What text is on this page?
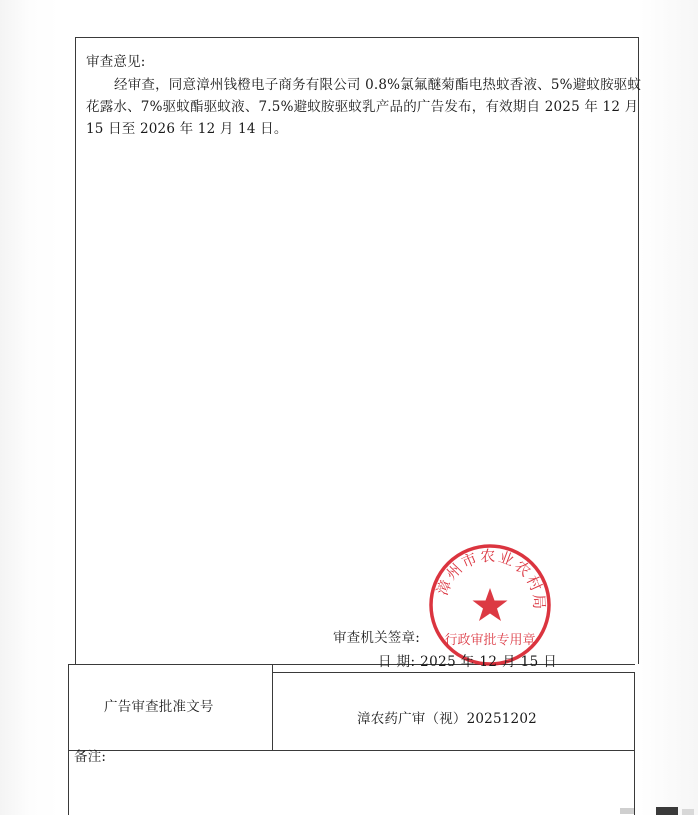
审查意见:
经审查，同意漳州钱橙电子商务有限公司 0.8%氯氟醚菊酯电热蚊香液、5%避蚊胺驱蚊花露水、7%驱蚊酯驱蚊液、7.5%避蚊胺驱蚊乳产品的广告发布，有效期自 2025 年 12 月 15 日至 2026 年 12 月 14 日。
漳州市农业农村局
行政审批专用章
审查机关签章:
日 期: 2025 年 12 月 15 日
广告审查批准文号
漳农药广审（视）20251202
备注:
